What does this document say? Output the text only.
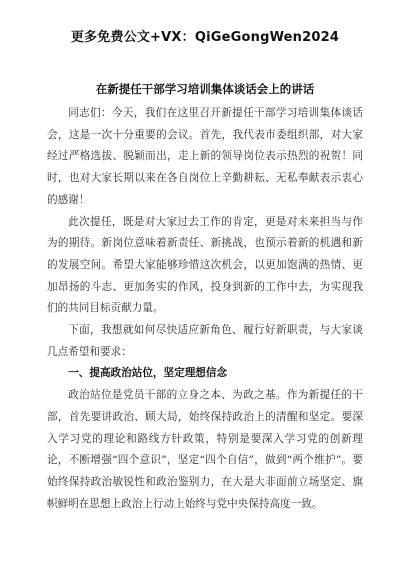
更多免费公文+VX：QiGeGongWen2024
在新提任干部学习培训集体谈话会上的讲话

同志们：今天，我们在这里召开新提任干部学习培训集体谈话会，这是一次十分重要的会议。首先，我代表市委组织部，对大家经过严格选拔、脱颖而出，走上新的领导岗位表示热烈的祝贺！同时，也对大家长期以来在各自岗位上辛勤耕耘、无私奉献表示衷心的感谢！

此次提任，既是对大家过去工作的肯定，更是对未来担当与作为的期待。新岗位意味着新责任、新挑战，也预示着新的机遇和新的发展空间。希望大家能够珍惜这次机会，以更加饱满的热情、更加昂扬的斗志、更加务实的作风，投身到新的工作中去，为实现我们的共同目标贡献力量。

下面，我想就如何尽快适应新角色、履行好新职责，与大家谈几点希望和要求：

一、提高政治站位，坚定理想信念

政治站位是党员干部的立身之本、为政之基。作为新提任的干部，首先要讲政治、顾大局，始终保持政治上的清醒和坚定。要深入学习党的理论和路线方针政策，特别是要深入学习党的创新理论，不断增强“四个意识”，坚定“四个自信”，做到“两个维护”。要始终保持政治敏锐性和政治鉴别力，在大是大非面前立场坚定、旗帜鲜明在思想上政治上行动上始终与党中央保持高度一致。
